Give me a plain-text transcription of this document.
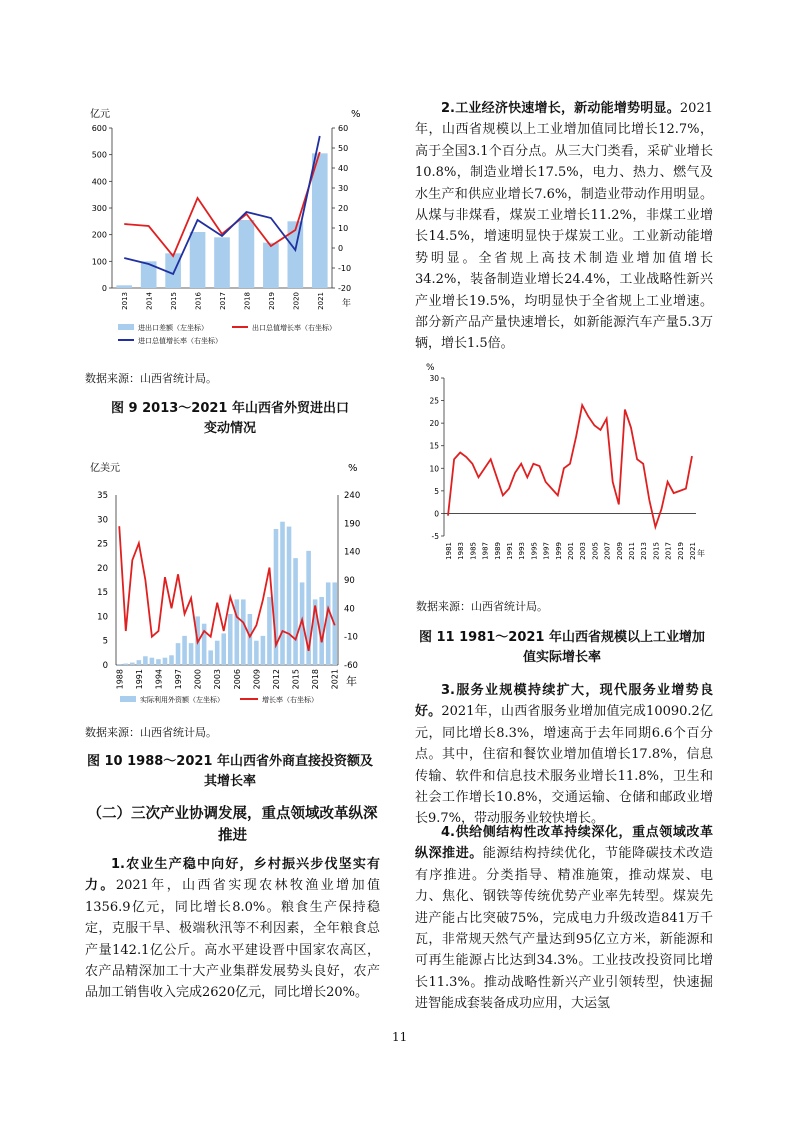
亿元	%
0
100
200
300
400
500
600
-20
-10
0
10
20
30
40
50
60
2013 2014 2015 2016 2017 2018 2019 2020 2021 年
进出口差额（左坐标）	出口总值增长率（右坐标）
进口总值增长率（右坐标）
数据来源：山西省统计局。
图 9 2013～2021 年山西省外贸进出口
变动情况
亿美元	%
0
5
10
15
20
25
30
35
-60
-10
40
90
140
190
240
1988 1991 1994 1997 2000 2003 2006 2009 2012 2015 2018 2021 年
实际利用外资额（左坐标）	增长率（右坐标）
数据来源：山西省统计局。
图 10 1988～2021 年山西省外商直接投资额及
其增长率

（二）三次产业协调发展，重点领域改革纵深推进

1.农业生产稳中向好，乡村振兴步伐坚实有力。2021年，山西省实现农林牧渔业增加值1356.9亿元，同比增长8.0%。粮食生产保持稳定，克服干旱、极端秋汛等不利因素，全年粮食总产量142.1亿公斤。高水平建设晋中国家农高区，农产品精深加工十大产业集群发展势头良好，农产品加工销售收入完成2620亿元，同比增长20%。

2.工业经济快速增长，新动能增势明显。2021年，山西省规模以上工业增加值同比增长12.7%，高于全国3.1个百分点。从三大门类看，采矿业增长10.8%，制造业增长17.5%，电力、热力、燃气及水生产和供应业增长7.6%，制造业带动作用明显。从煤与非煤看，煤炭工业增长11.2%，非煤工业增长14.5%，增速明显快于煤炭工业。工业新动能增势明显。全省规上高技术制造业增加值增长34.2%，装备制造业增长24.4%，工业战略性新兴产业增长19.5%，均明显快于全省规上工业增速。部分新产品产量快速增长，如新能源汽车产量5.3万辆，增长1.5倍。

%
-5
0
5
10
15
20
25
30
1981 1983 1985 1987 1989 1991 1993 1995 1997 1999 2001 2003 2005 2007 2009 2011 2013 2015 2017 2019 2021 年
数据来源：山西省统计局。
图 11 1981～2021 年山西省规模以上工业增加
值实际增长率

3.服务业规模持续扩大，现代服务业增势良好。2021年，山西省服务业增加值完成10090.2亿元，同比增长8.3%，增速高于去年同期6.6个百分点。其中，住宿和餐饮业增加值增长17.8%，信息传输、软件和信息技术服务业增长11.8%，卫生和社会工作增长10.8%，交通运输、仓储和邮政业增长9.7%，带动服务业较快增长。

4.供给侧结构性改革持续深化，重点领域改革纵深推进。能源结构持续优化，节能降碳技术改造有序推进。分类指导、精准施策，推动煤炭、电力、焦化、钢铁等传统优势产业率先转型。煤炭先进产能占比突破75%，完成电力升级改造841万千瓦，非常规天然气产量达到95亿立方米，新能源和可再生能源占比达到34.3%。工业技改投资同比增长11.3%。推动战略性新兴产业引领转型，快速掘进智能成套装备成功应用，大运氢

11
